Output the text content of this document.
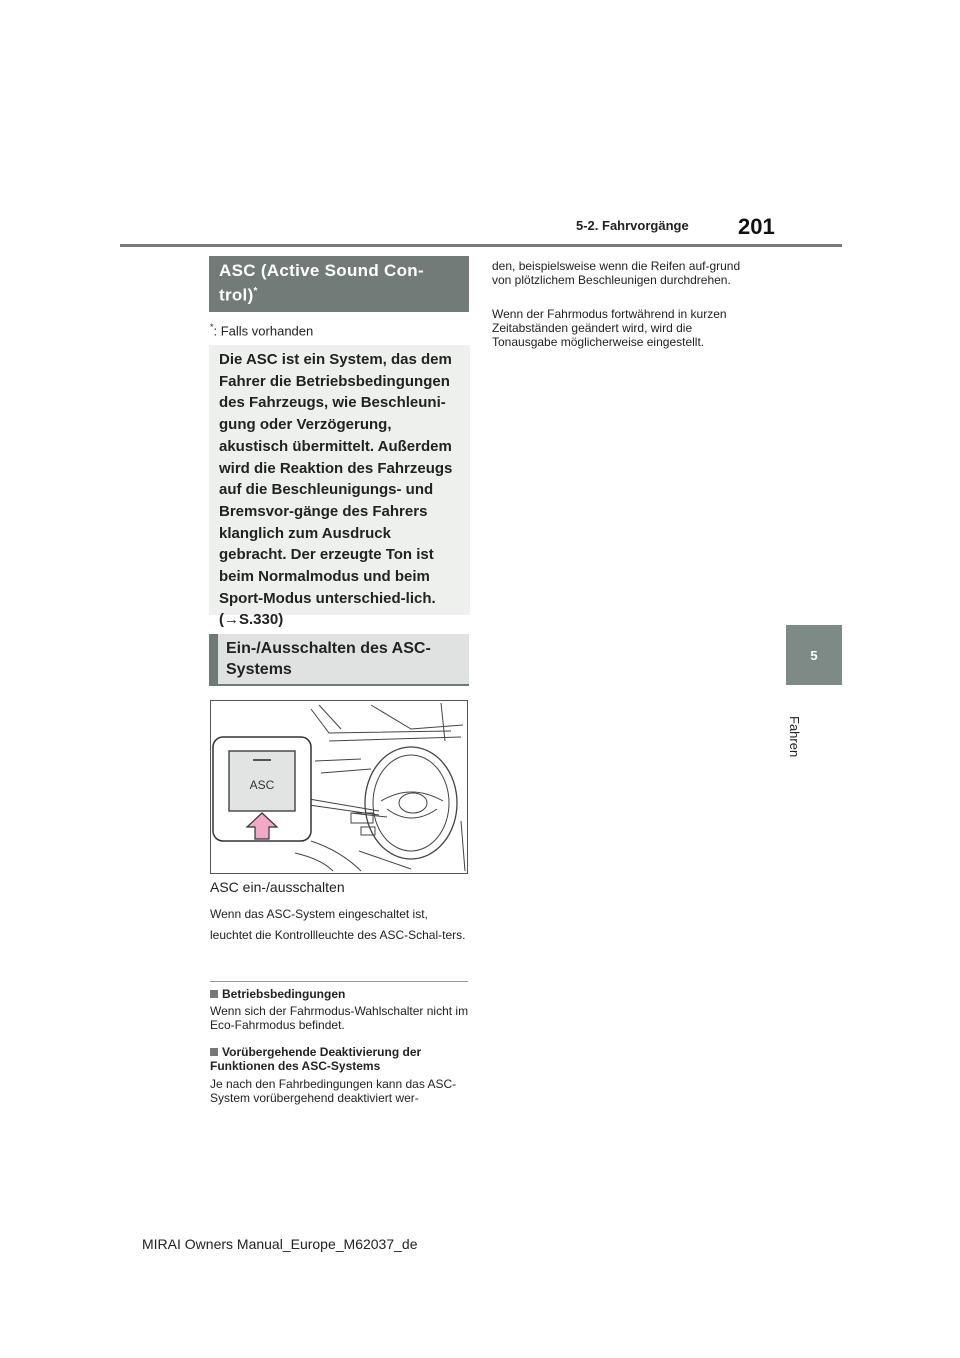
5-2. Fahrvorgänge 201
5
Fahren
ASC (Active Sound Con-trol)*
*: Falls vorhanden
Die ASC ist ein System, das dem Fahrer die Betriebsbedingungen des Fahrzeugs, wie Beschleuni-gung oder Verzögerung, akustisch übermittelt. Außerdem wird die Reaktion des Fahrzeugs auf die Beschleunigungs- und Bremsvor-gänge des Fahrers klanglich zum Ausdruck gebracht. Der erzeugte Ton ist beim Normalmodus und beim Sport-Modus unterschied-lich. (→S.330)
Ein-/Ausschalten des ASC-Systems
ASC
ASC ein-/ausschalten
Wenn das ASC-System eingeschaltet ist, leuchtet die Kontrollleuchte des ASC-Schal-ters.
Betriebsbedingungen
Wenn sich der Fahrmodus-Wahlschalter nicht im Eco-Fahrmodus befindet.
Vorübergehende Deaktivierung der Funktionen des ASC-Systems
Je nach den Fahrbedingungen kann das ASC-System vorübergehend deaktiviert wer-
den, beispielsweise wenn die Reifen auf-grund von plötzlichem Beschleunigen durchdrehen.
Wenn der Fahrmodus fortwährend in kurzen Zeitabständen geändert wird, wird die Tonausgabe möglicherweise eingestellt.
MIRAI Owners Manual_Europe_M62037_de
